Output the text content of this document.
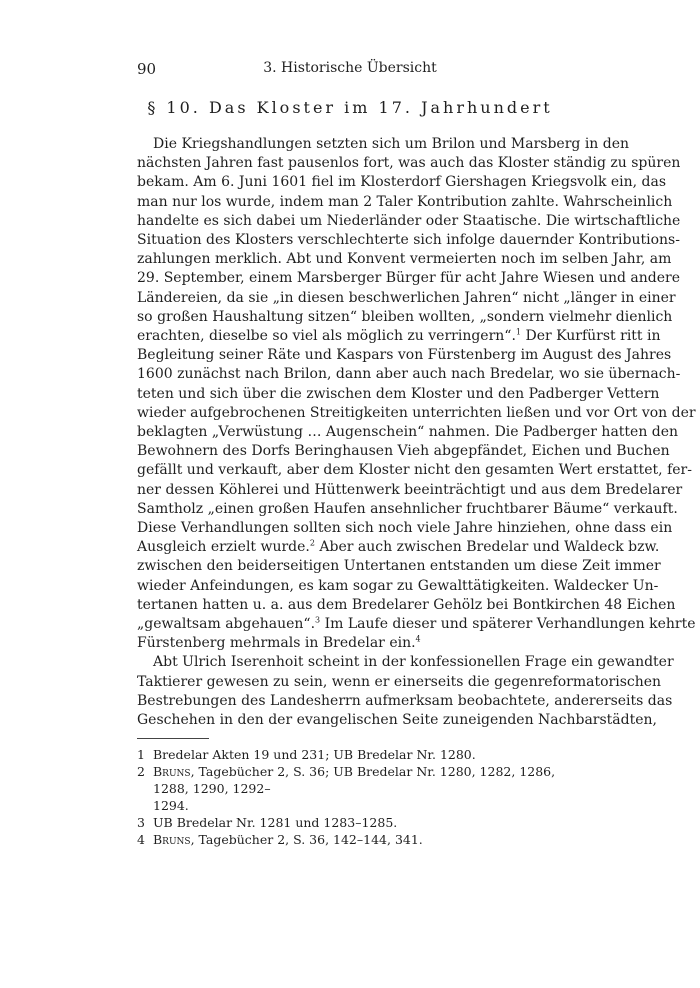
90	3. Historische Übersicht
§ 10. Das Kloster im 17. Jahrhundert
Die Kriegshandlungen setzten sich um Brilon und Marsberg in den
nächsten Jahren fast pausenlos fort, was auch das Kloster ständig zu spüren
bekam. Am 6. Juni 1601 fiel im Klosterdorf Giershagen Kriegsvolk ein, das
man nur los wurde, indem man 2 Taler Kontribution zahlte. Wahrscheinlich
handelte es sich dabei um Niederländer oder Staatische. Die wirtschaftliche
Situation des Klosters verschlechterte sich infolge dauernder Kontributions-
zahlungen merklich. Abt und Konvent vermeierten noch im selben Jahr, am
29. September, einem Marsberger Bürger für acht Jahre Wiesen und andere
Ländereien, da sie „in diesen beschwerlichen Jahren“ nicht „länger in einer
so großen Haushaltung sitzen“ bleiben wollten, „sondern vielmehr dienlich
erachten, dieselbe so viel als möglich zu verringern“.$^1$ Der Kurfürst ritt in
Begleitung seiner Räte und Kaspars von Fürstenberg im August des Jahres
1600 zunächst nach Brilon, dann aber auch nach Bredelar, wo sie übernach-
teten und sich über die zwischen dem Kloster und den Padberger Vettern
wieder aufgebrochenen Streitigkeiten unterrichten ließen und vor Ort von der
beklagten „Verwüstung … Augenschein“ nahmen. Die Padberger hatten den
Bewohnern des Dorfs Beringhausen Vieh abgepfändet, Eichen und Buchen
gefällt und verkauft, aber dem Kloster nicht den gesamten Wert erstattet, fer-
ner dessen Köhlerei und Hüttenwerk beeinträchtigt und aus dem Bredelarer
Samtholz „einen großen Haufen ansehnlicher fruchtbarer Bäume“ verkauft.
Diese Verhandlungen sollten sich noch viele Jahre hinziehen, ohne dass ein
Ausgleich erzielt wurde.$^2$ Aber auch zwischen Bredelar und Waldeck bzw.
zwischen den beiderseitigen Untertanen entstanden um diese Zeit immer
wieder Anfeindungen, es kam sogar zu Gewalttätigkeiten. Waldecker Un-
tertanen hatten u. a. aus dem Bredelarer Gehölz bei Bontkirchen 48 Eichen
„gewaltsam abgehauen“.$^3$ Im Laufe dieser und späterer Verhandlungen kehrte
Fürstenberg mehrmals in Bredelar ein.$^4$
Abt Ulrich Iserenhoit scheint in der konfessionellen Frage ein gewandter
Taktierer gewesen zu sein, wenn er einerseits die gegenreformatorischen
Bestrebungen des Landesherrn aufmerksam beobachtete, andererseits das
Geschehen in den der evangelischen Seite zuneigenden Nachbarstädten,
1 Bredelar Akten 19 und 231; UB Bredelar Nr. 1280.
2 Bruns, Tagebücher 2, S. 36; UB Bredelar Nr. 1280, 1282, 1286, 1288, 1290, 1292–
1294.
3 UB Bredelar Nr. 1281 und 1283–1285.
4 Bruns, Tagebücher 2, S. 36, 142–144, 341.
